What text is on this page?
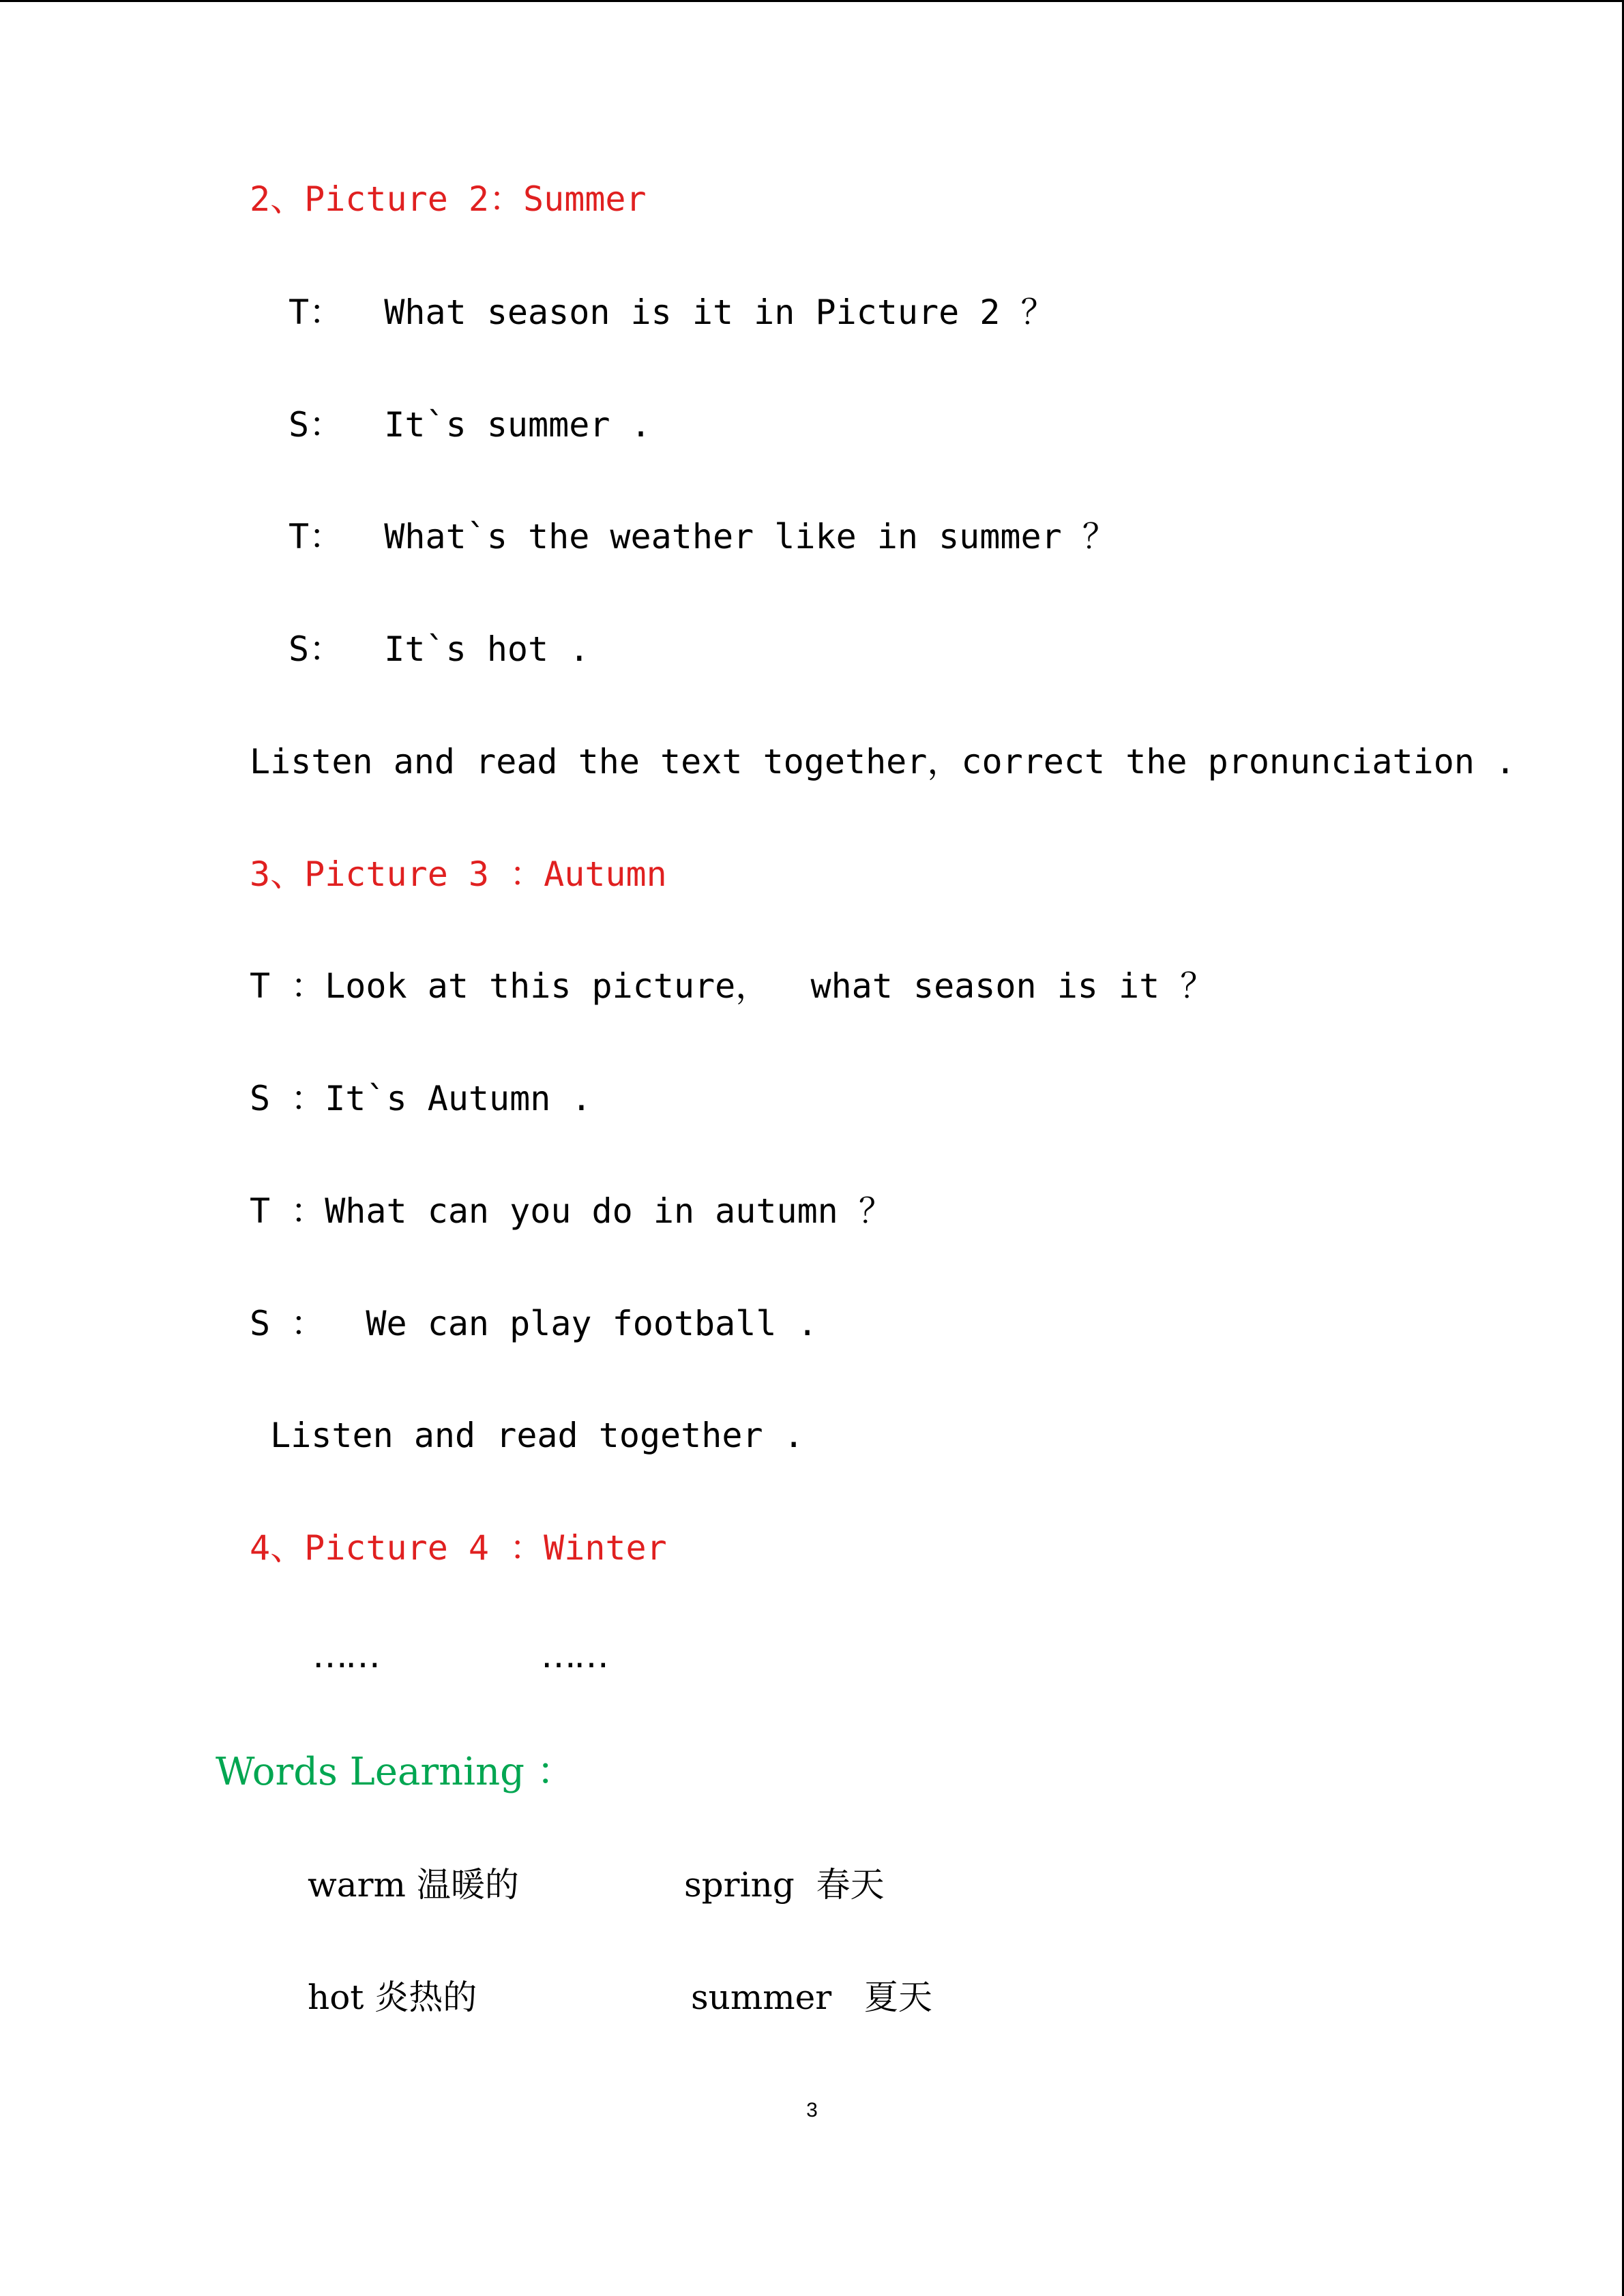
2、Picture 2：Summer
T：  What season is it in Picture 2 ？
S：  It`s summer .
T：  What`s the weather like in summer ？
S：  It`s hot .
Listen and read the text together，correct the pronunciation .
3、Picture 3 ：Autumn
T ：Look at this picture，  what season is it ？
S ：It`s Autumn .
T ：What can you do in autumn ？
S ：  We can play football .
Listen and read together .
4、Picture 4 ：Winter
……	……
Words Learning ：
warm 温暖的	spring  春天
hot 炎热的	summer   夏天
3
